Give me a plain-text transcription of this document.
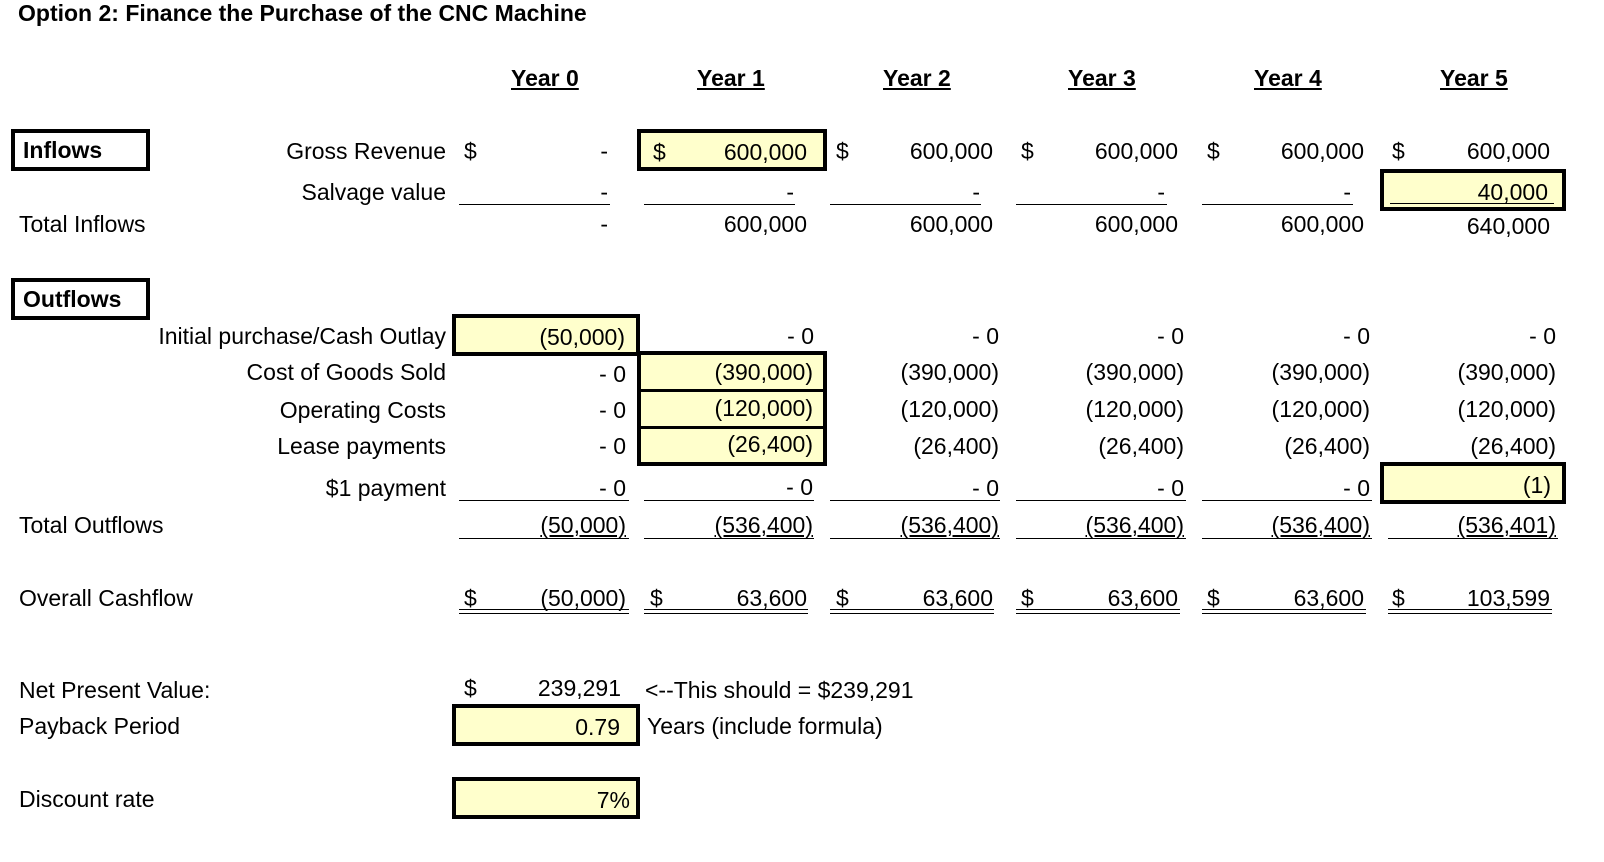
Option 2: Finance the Purchase of the CNC Machine
Year 0	Year 1	Year 2	Year 3	Year 4	Year 5
Inflows	Gross Revenue $	- $	600,000 $	600,000 $	600,000 $	600,000 $	600,000
Salvage value	-	-	-	-	-	40,000
Total Inflows	-	600,000	600,000	600,000	600,000	640,000
Outflows
Initial purchase/Cash Outlay	(50,000)	- 0	- 0	- 0	- 0	- 0
Cost of Goods Sold	- 0	(390,000)	(390,000)	(390,000)	(390,000)	(390,000)
Operating Costs	- 0	(120,000)	(120,000)	(120,000)	(120,000)	(120,000)
Lease payments	- 0	(26,400)	(26,400)	(26,400)	(26,400)	(26,400)
$1 payment	- 0	- 0	- 0	- 0	- 0	(1)
Total Outflows	(50,000)	(536,400)	(536,400)	(536,400)	(536,400)	(536,401)
Overall Cashflow	$	(50,000) $	63,600 $	63,600 $	63,600 $	63,600 $	103,599
Net Present Value:	$	239,291 <--This should = $239,291
Payback Period	0.79 Years (include formula)
Discount rate	7%
